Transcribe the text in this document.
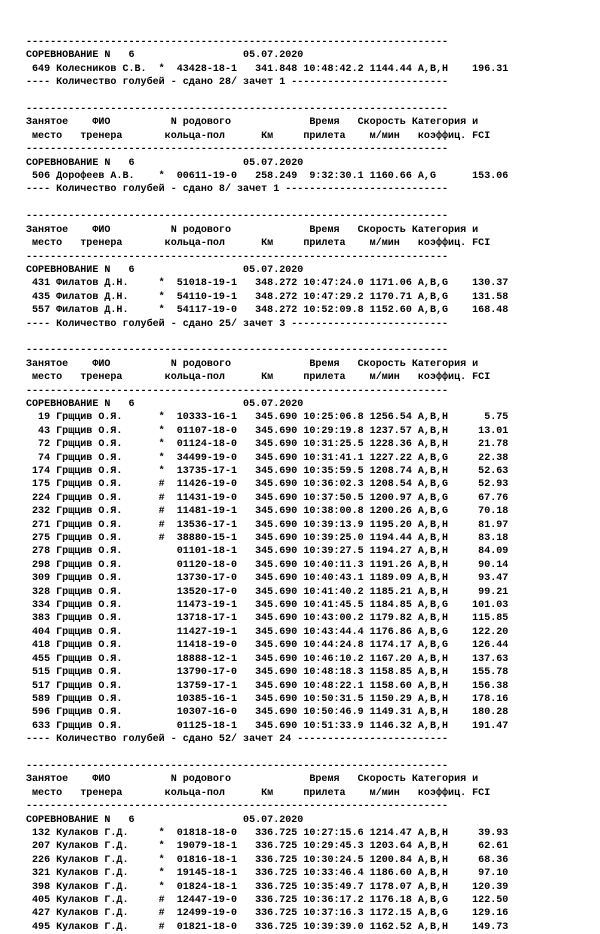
----------------------------------------------------------------------
СОРЕВНОВАНИЕ N   6                  05.07.2020
649 Колесников С.В.  *  43428-18-1   341.848 10:48:42.2 1144.44 A,B,H    196.31
---- Количество голубей - сдано 28/ зачет 1 --------------------------
----------------------------------------------------------------------
Занятое    ФИО          N родового             Время   Скорость Категория и
место   тренера       кольца-пол      Км     прилета    м/мин   коэффиц. FCI
----------------------------------------------------------------------
СОРЕВНОВАНИЕ N   6                  05.07.2020
506 Дорофеев А.В.    *  00611-19-0   258.249  9:32:30.1 1160.66 A,G      153.06
---- Количество голубей - сдано 8/ зачет 1 ---------------------------
----------------------------------------------------------------------
Занятое    ФИО          N родового             Время   Скорость Категория и
место   тренера       кольца-пол      Км     прилета    м/мин   коэффиц. FCI
----------------------------------------------------------------------
СОРЕВНОВАНИЕ N   6                  05.07.2020
431 Филатов Д.Н.     *  51018-19-1   348.272 10:47:24.0 1171.06 A,B,G    130.37
435 Филатов Д.Н.     *  54110-19-1   348.272 10:47:29.2 1170.71 A,B,G    131.58
557 Филатов Д.Н.     *  54117-19-0   348.272 10:52:09.8 1152.60 A,B,G    168.48
---- Количество голубей - сдано 25/ зачет 3 --------------------------
----------------------------------------------------------------------
Занятое    ФИО          N родового             Время   Скорость Категория и
место   тренера       кольца-пол      Км     прилета    м/мин   коэффиц. FCI
----------------------------------------------------------------------
СОРЕВНОВАНИЕ N   6                  05.07.2020
19 Грщцив О.Я.      *  10333-16-1   345.690 10:25:06.8 1256.54 A,B,H      5.75
43 Грщцив О.Я.      *  01107-18-0   345.690 10:29:19.8 1237.57 A,B,H     13.01
72 Грщцив О.Я.      *  01124-18-0   345.690 10:31:25.5 1228.36 A,B,H     21.78
74 Грщцив О.Я.      *  34499-19-0   345.690 10:31:41.1 1227.22 A,B,G     22.38
174 Грщцив О.Я.      *  13735-17-1   345.690 10:35:59.5 1208.74 A,B,H     52.63
175 Грщцив О.Я.      #  11426-19-0   345.690 10:36:02.3 1208.54 A,B,G     52.93
224 Грщцив О.Я.      #  11431-19-0   345.690 10:37:50.5 1200.97 A,B,G     67.76
232 Грщцив О.Я.      #  11481-19-1   345.690 10:38:00.8 1200.26 A,B,G     70.18
271 Грщцив О.Я.      #  13536-17-1   345.690 10:39:13.9 1195.20 A,B,H     81.97
275 Грщцив О.Я.      #  38880-15-1   345.690 10:39:25.0 1194.44 A,B,H     83.18
278 Грщцив О.Я.         01101-18-1   345.690 10:39:27.5 1194.27 A,B,H     84.09
298 Грщцив О.Я.         01120-18-0   345.690 10:40:11.3 1191.26 A,B,H     90.14
309 Грщцив О.Я.         13730-17-0   345.690 10:40:43.1 1189.09 A,B,H     93.47
328 Грщцив О.Я.         13520-17-0   345.690 10:41:40.2 1185.21 A,B,H     99.21
334 Грщцив О.Я.         11473-19-1   345.690 10:41:45.5 1184.85 A,B,G    101.03
383 Грщцив О.Я.         13718-17-1   345.690 10:43:00.2 1179.82 A,B,H    115.85
404 Грщцив О.Я.         11427-19-1   345.690 10:43:44.4 1176.86 A,B,G    122.20
418 Грщцив О.Я.         11418-19-0   345.690 10:44:24.8 1174.17 A,B,G    126.44
455 Грщцив О.Я.         18888-12-1   345.690 10:46:10.2 1167.20 A,B,H    137.63
515 Грщцив О.Я.         13790-17-0   345.690 10:48:18.3 1158.85 A,B,H    155.78
517 Грщцив О.Я.         13759-17-1   345.690 10:48:22.1 1158.60 A,B,H    156.38
589 Грщцив О.Я.         10385-16-1   345.690 10:50:31.5 1150.29 A,B,H    178.16
596 Грщцив О.Я.         10307-16-0   345.690 10:50:46.9 1149.31 A,B,H    180.28
633 Грщцив О.Я.         01125-18-1   345.690 10:51:33.9 1146.32 A,B,H    191.47
---- Количество голубей - сдано 52/ зачет 24 -------------------------
----------------------------------------------------------------------
Занятое    ФИО          N родового             Время   Скорость Категория и
место   тренера       кольца-пол      Км     прилета    м/мин   коэффиц. FCI
----------------------------------------------------------------------
СОРЕВНОВАНИЕ N   6                  05.07.2020
132 Кулаков Г.Д.     *  01818-18-0   336.725 10:27:15.6 1214.47 A,B,H     39.93
207 Кулаков Г.Д.     *  19079-18-1   336.725 10:29:45.3 1203.64 A,B,H     62.61
226 Кулаков Г.Д.     *  01816-18-1   336.725 10:30:24.5 1200.84 A,B,H     68.36
321 Кулаков Г.Д.     *  19145-18-1   336.725 10:33:46.4 1186.60 A,B,H     97.10
398 Кулаков Г.Д.     *  01824-18-1   336.725 10:35:49.7 1178.07 A,B,H    120.39
405 Кулаков Г.Д.     #  12447-19-0   336.725 10:36:17.2 1176.18 A,B,G    122.50
427 Кулаков Г.Д.     #  12499-19-0   336.725 10:37:16.3 1172.15 A,B,G    129.16
495 Кулаков Г.Д.     #  01821-18-0   336.725 10:39:39.0 1162.52 A,B,H    149.73
